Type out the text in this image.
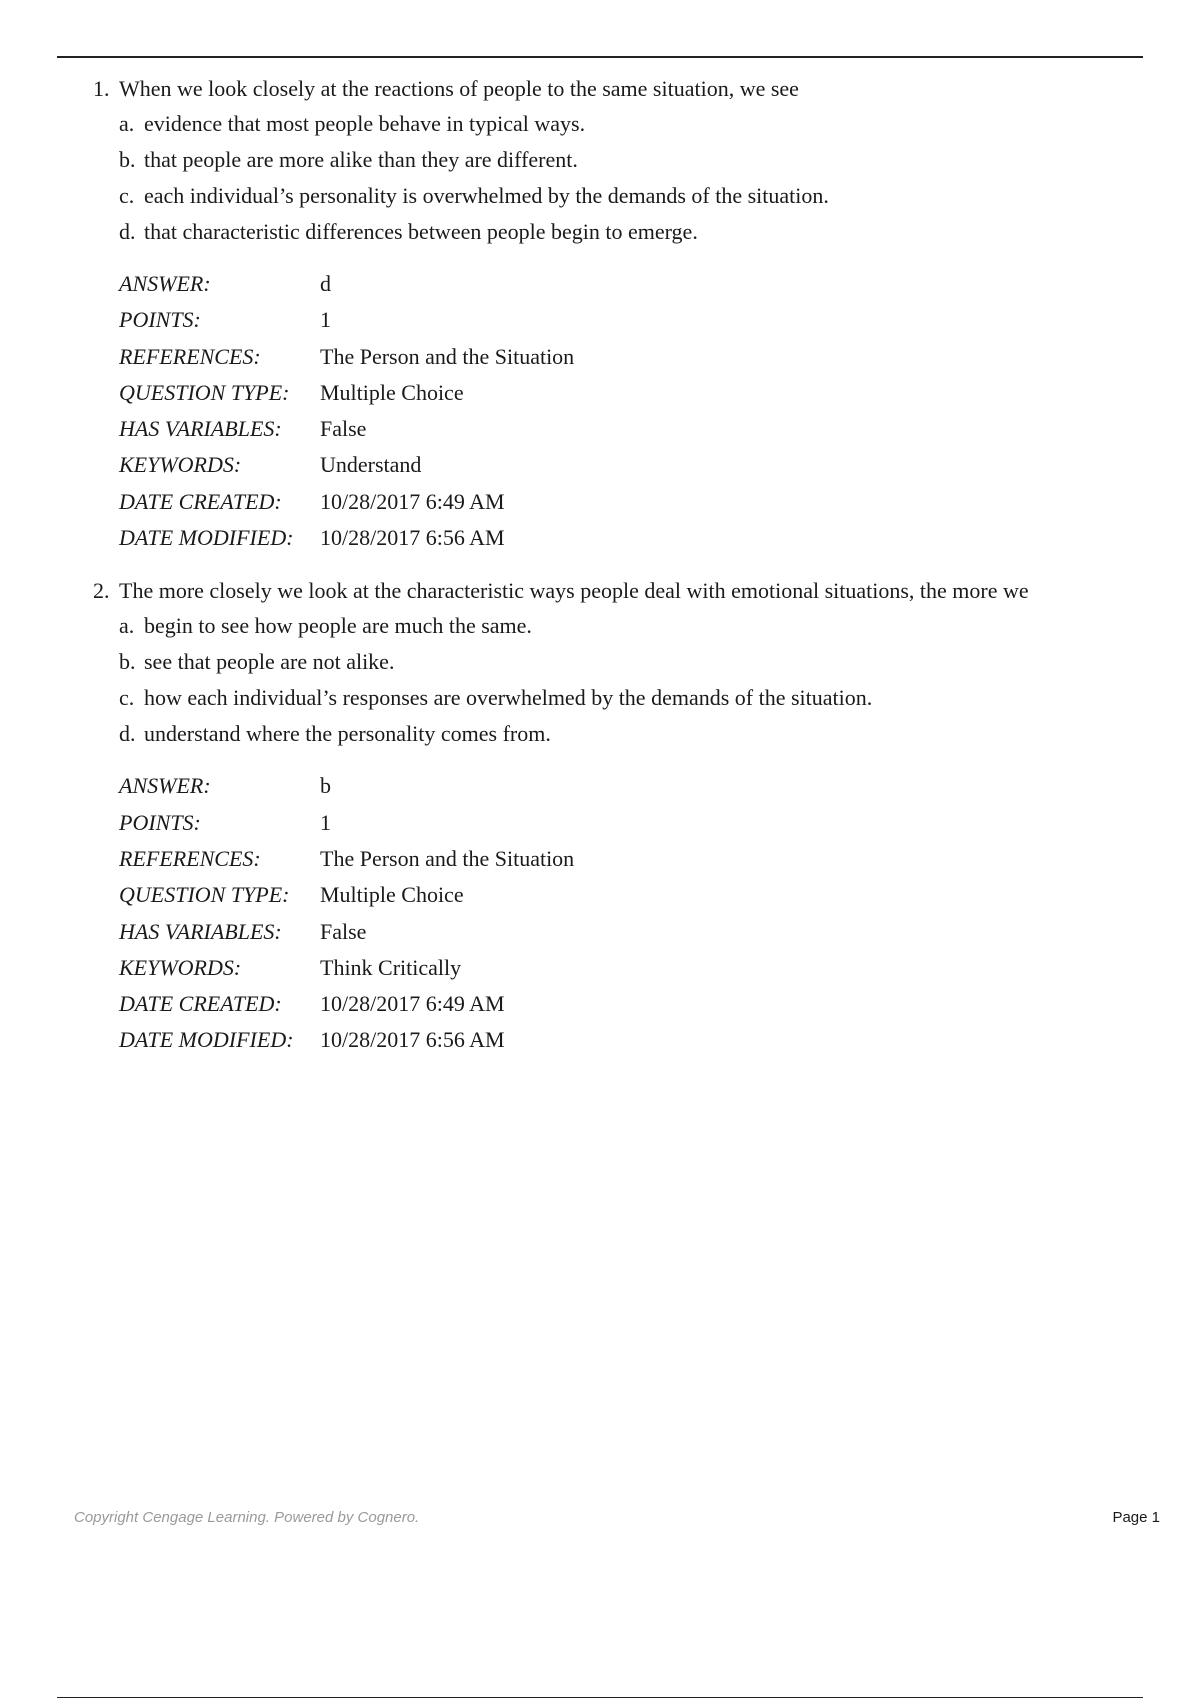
1. When we look closely at the reactions of people to the same situation, we see
a. evidence that most people behave in typical ways.
b. that people are more alike than they are different.
c. each individual’s personality is overwhelmed by the demands of the situation.
d. that characteristic differences between people begin to emerge.
ANSWER:	d
POINTS:	1
REFERENCES:	The Person and the Situation
QUESTION TYPE: Multiple Choice
HAS VARIABLES: False
KEYWORDS:	Understand
DATE CREATED: 10/28/2017 6:49 AM
DATE MODIFIED: 10/28/2017 6:56 AM
2. The more closely we look at the characteristic ways people deal with emotional situations, the more we
a. begin to see how people are much the same.
b. see that people are not alike.
c. how each individual’s responses are overwhelmed by the demands of the situation.
d. understand where the personality comes from.
ANSWER:	b
POINTS:	1
REFERENCES:	The Person and the Situation
QUESTION TYPE: Multiple Choice
HAS VARIABLES: False
KEYWORDS:	Think Critically
DATE CREATED: 10/28/2017 6:49 AM
DATE MODIFIED: 10/28/2017 6:56 AM
Copyright Cengage Learning. Powered by Cognero.	Page 1
